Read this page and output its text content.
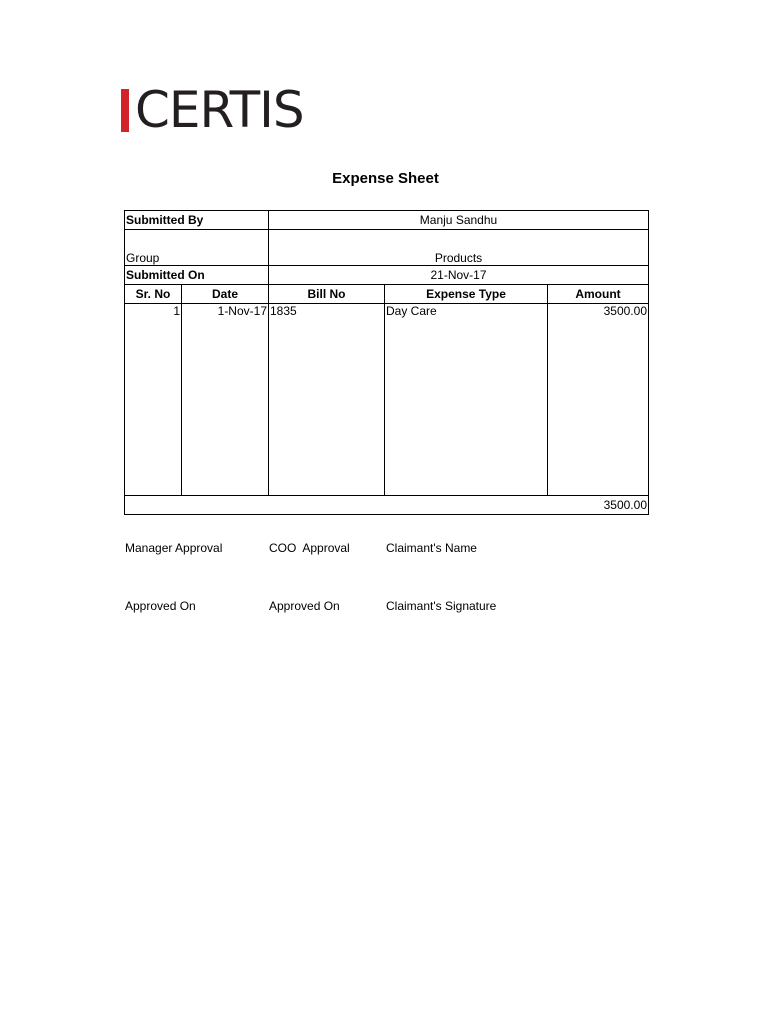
CERTIS
Expense Sheet
Submitted By		Manju Sandhu		
Group		Products		
Submitted On		21-Nov-17		
Sr. No	Date	Bill No	Expense Type	Amount
1	1-Nov-17	1835	Day Care	3500.00
3500.00				
Manager Approval	COO  Approval	Claimant's Name
Approved On	Approved On	Claimant's Signature
